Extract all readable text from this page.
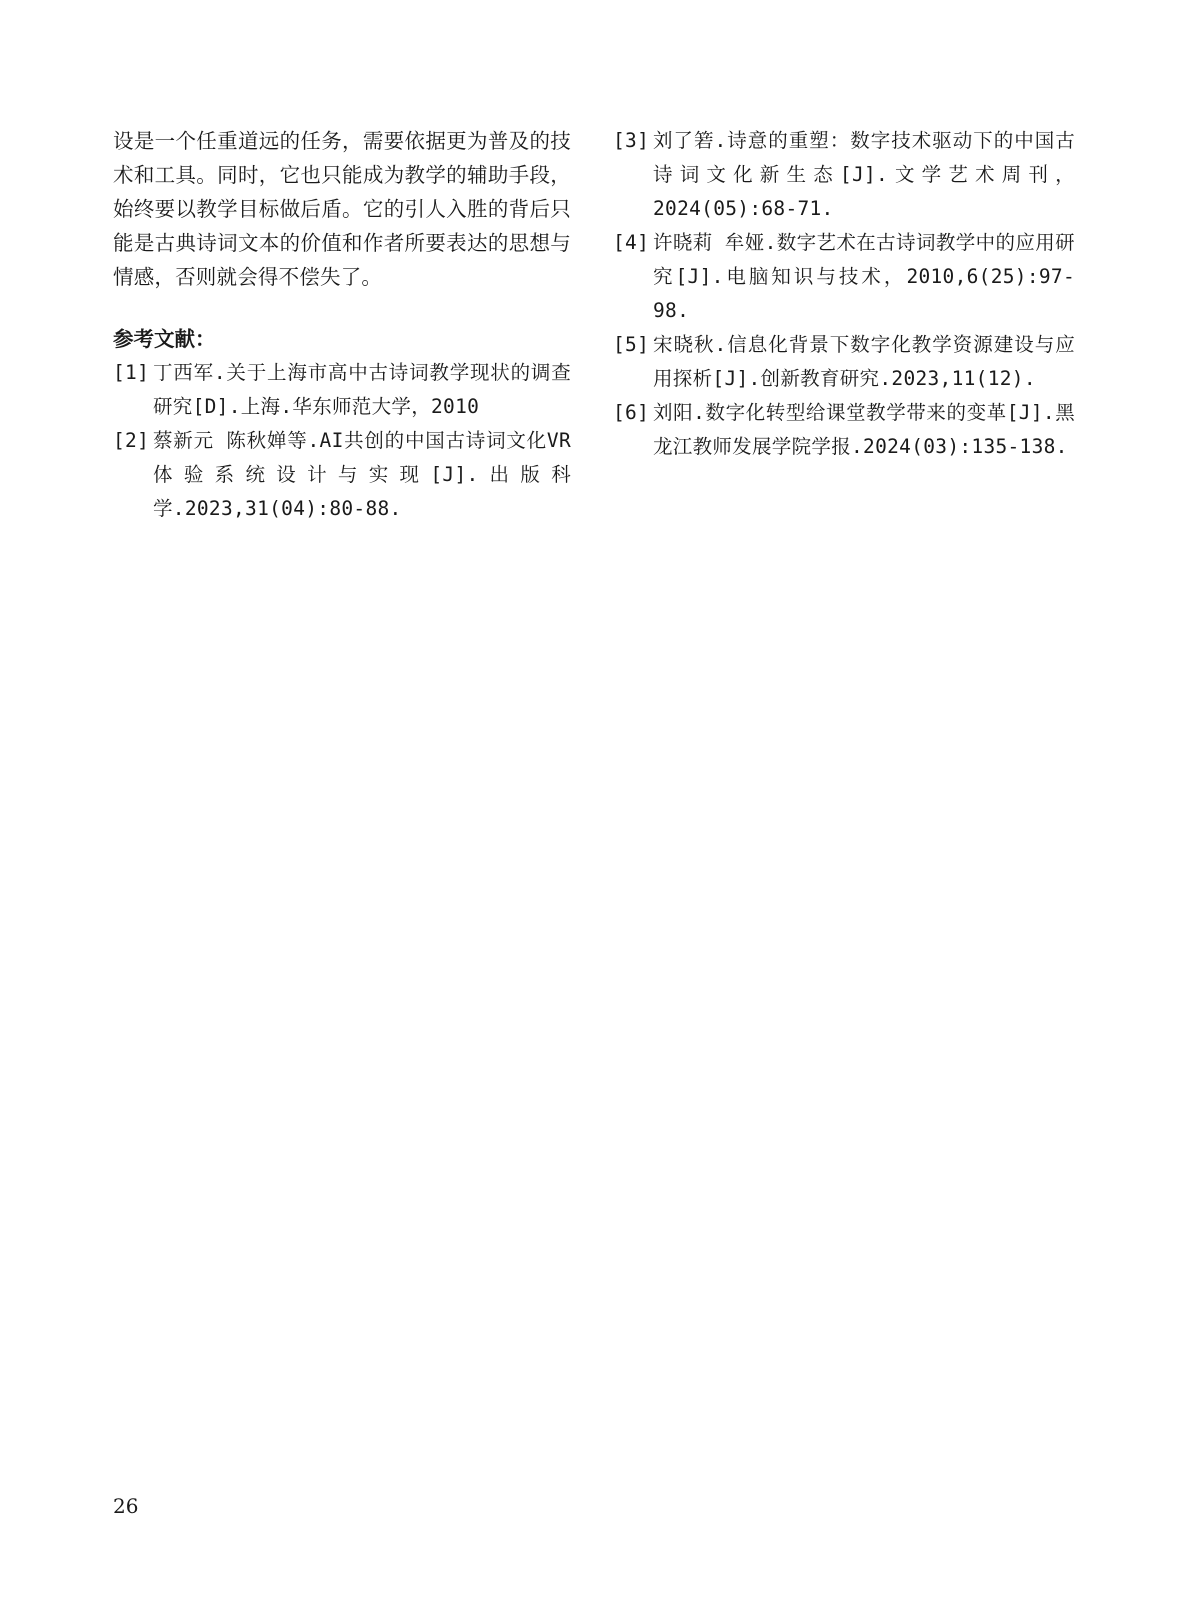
设是一个任重道远的任务，需要依据更为普及的技术和工具。同时，它也只能成为教学的辅助手段，始终要以教学目标做后盾。它的引人入胜的背后只能是古典诗词文本的价值和作者所要表达的思想与情感，否则就会得不偿失了。

参考文献：
[1] 丁西军.关于上海市高中古诗词教学现状的调查研究[D].上海.华东师范大学，2010
[2] 蔡新元 陈秋婵等.AI共创的中国古诗词文化VR体验系统设计与实现[J].出版科学.2023,31(04):80-88.
[3] 刘了箬.诗意的重塑：数字技术驱动下的中国古诗词文化新生态[J].文学艺术周刊，2024(05):68-71.
[4] 许晓莉 牟娅.数字艺术在古诗词教学中的应用研究[J].电脑知识与技术，2010,6(25):97-98.
[5] 宋晓秋.信息化背景下数字化教学资源建设与应用探析[J].创新教育研究.2023,11(12).
[6] 刘阳.数字化转型给课堂教学带来的变革[J].黑龙江教师发展学院学报.2024(03):135-138.
26
